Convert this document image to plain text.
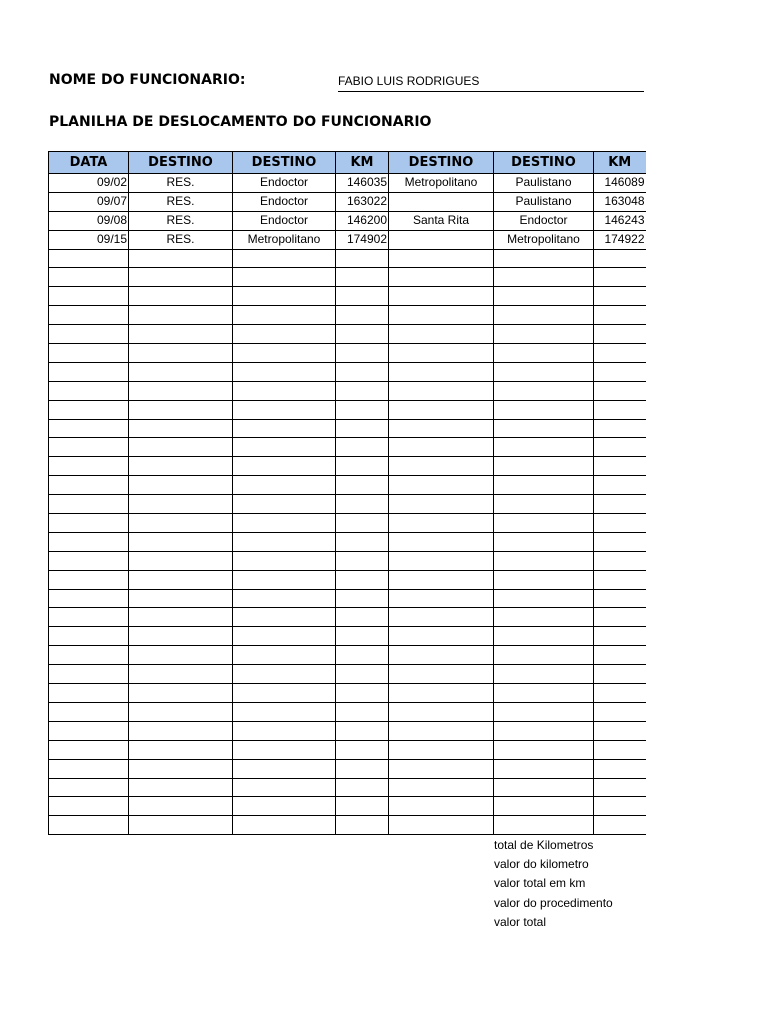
NOME DO FUNCIONARIO:	FABIO LUIS RODRIGUES
PLANILHA DE DESLOCAMENTO DO FUNCIONARIO
DATA	DESTINO	DESTINO	KM	DESTINO	DESTINO	KM
09/02	RES.	Endoctor	146035	Metropolitano	Paulistano	146089
09/07	RES.	Endoctor	163022		Paulistano	163048
09/08	RES.	Endoctor	146200	Santa Rita	Endoctor	146243
09/15	RES.	Metropolitano	174902		Metropolitano	174922

total de Kilometros
valor do kilometro
valor total em km
valor do procedimento
valor total
